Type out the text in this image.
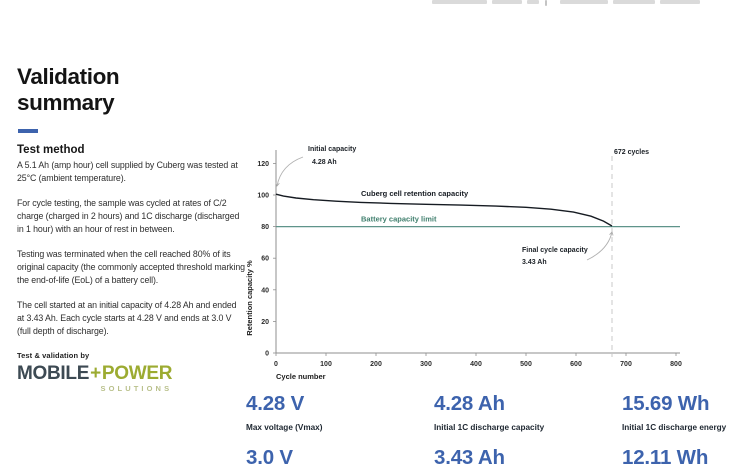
Validation summary
Test method

A 5.1 Ah (amp hour) cell supplied by Cuberg was tested at 25°C (ambient temperature).

For cycle testing, the sample was cycled at rates of C/2 charge (charged in 2 hours) and 1C discharge (discharged in 1 hour) with an hour of rest in between.

Testing was terminated when the cell reached 80% of its original capacity (the commonly accepted threshold marking the end-of-life (EoL) of a battery cell).

The cell started at an initial capacity of 4.28 Ah and ended at 3.43 Ah. Each cycle starts at 4.28 V and ends at 3.0 V (full depth of discharge).

Test & validation by
MOBILE+POWER
SOLUTIONS
0	100	200	300	400	500	600	700	800
0
20
40
60
80
100
120
Cycle number
Retention capacity %
Battery capacity limit
672 cycles
Cuberg cell retention capacity
Initial capacity
4.28 Ah
Final cycle capacity
3.43 Ah
4.28 V
Max voltage (Vmax)
4.28 Ah
Initial 1C discharge capacity
15.69 Wh
Initial 1C discharge energy
3.0 V	3.43 Ah	12.11 Wh
